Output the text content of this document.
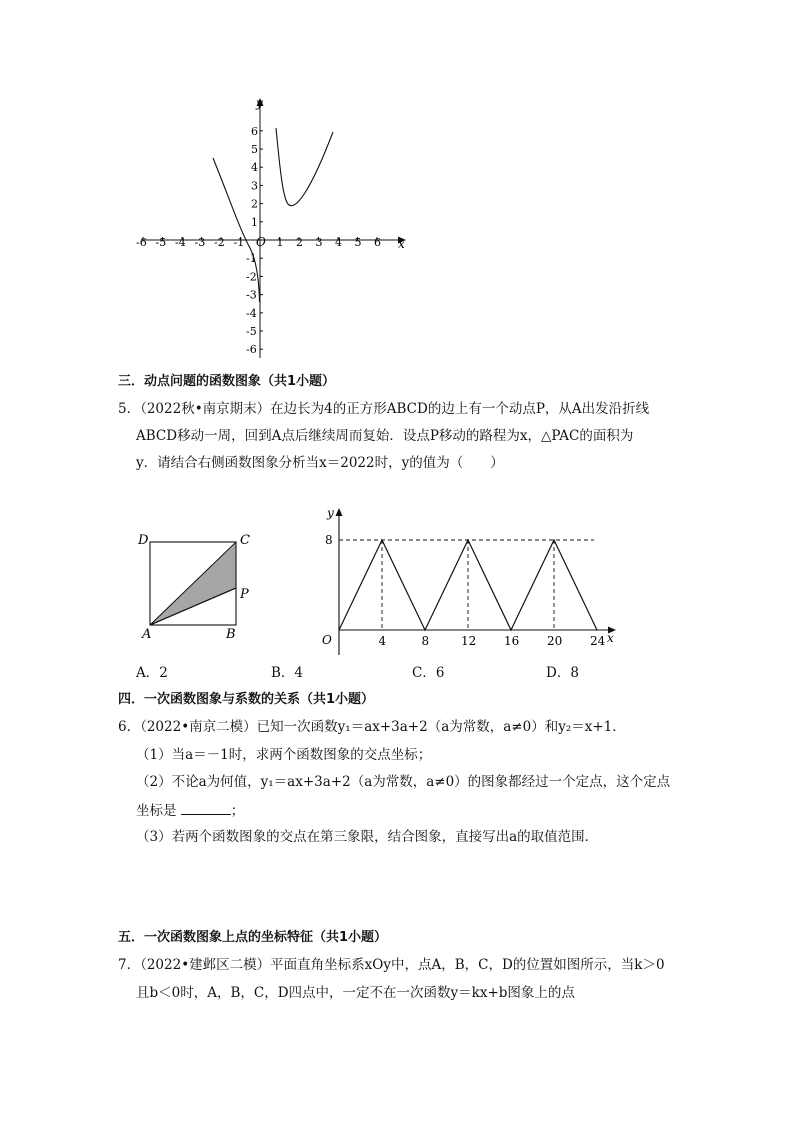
x
y
O
-6 -5 -4 -3 -2 -1	1 2 3 4 5 6
1
2
3
4
5
6
-1
-2
-3
-4
-5
-6
三．动点问题的函数图象（共1小题）
5．（2022秋•南京期末）在边长为4的正方形ABCD的边上有一个动点P，从A出发沿折线
ABCD移动一周，回到A点后继续周而复始．设点P移动的路程为x，△PAC的面积为
y．请结合右侧函数图象分析当x＝2022时，y的值为（　　）
D	C
P
A	B	4	8	12 16 20 24
8
O	x
y
A．2	B．4	C．6	D．8
四．一次函数图象与系数的关系（共1小题）
6．（2022•南京二模）已知一次函数y₁＝ax+3a+2（a为常数，a≠0）和y₂＝x+1．
（1）当a＝－1时，求两个函数图象的交点坐标；
（2）不论a为何值，y₁＝ax+3a+2（a为常数，a≠0）的图象都经过一个定点，这个定点
坐标是	；
（3）若两个函数图象的交点在第三象限，结合图象，直接写出a的取值范围．
五．一次函数图象上点的坐标特征（共1小题）
7．（2022•建邺区二模）平面直角坐标系xOy中，点A，B，C，D的位置如图所示，当k＞0
且b＜0时，A，B，C，D四点中，一定不在一次函数y＝kx+b图象上的点
